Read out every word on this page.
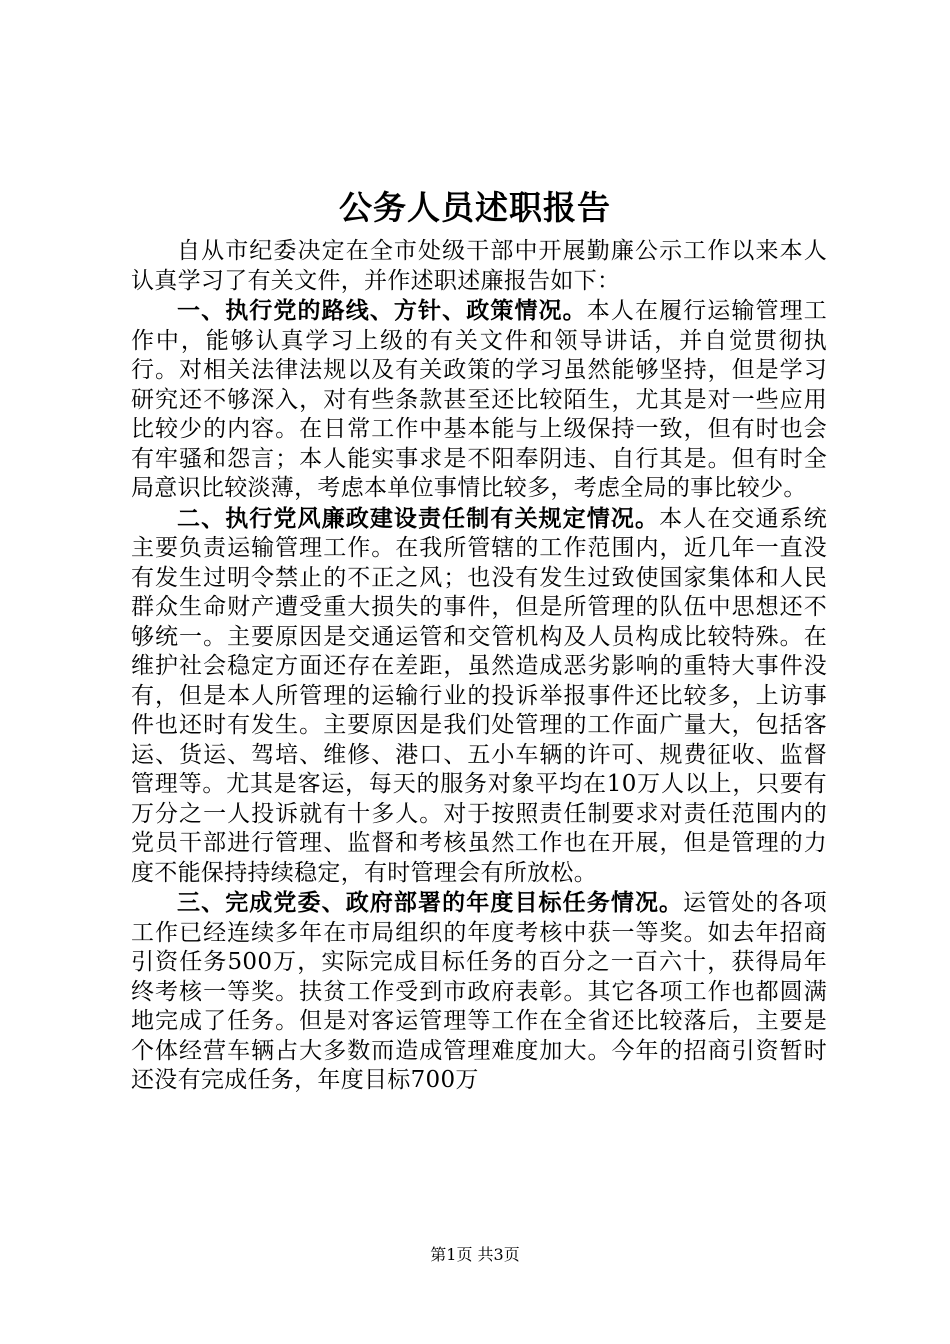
公务人员述职报告

自从市纪委决定在全市处级干部中开展勤廉公示工作以来本人认真学习了有关文件，并作述职述廉报告如下：

一、执行党的路线、方针、政策情况。本人在履行运输管理工作中，能够认真学习上级的有关文件和领导讲话，并自觉贯彻执行。对相关法律法规以及有关政策的学习虽然能够坚持，但是学习研究还不够深入，对有些条款甚至还比较陌生，尤其是对一些应用比较少的内容。在日常工作中基本能与上级保持一致，但有时也会有牢骚和怨言；本人能实事求是不阳奉阴违、自行其是。但有时全局意识比较淡薄，考虑本单位事情比较多，考虑全局的事比较少。

二、执行党风廉政建设责任制有关规定情况。本人在交通系统主要负责运输管理工作。在我所管辖的工作范围内，近几年一直没有发生过明令禁止的不正之风；也没有发生过致使国家集体和人民群众生命财产遭受重大损失的事件，但是所管理的队伍中思想还不够统一。主要原因是交通运管和交管机构及人员构成比较特殊。在维护社会稳定方面还存在差距，虽然造成恶劣影响的重特大事件没有，但是本人所管理的运输行业的投诉举报事件还比较多，上访事件也还时有发生。主要原因是我们处管理的工作面广量大，包括客运、货运、驾培、维修、港口、五小车辆的许可、规费征收、监督管理等。尤其是客运，每天的服务对象平均在10万人以上，只要有万分之一人投诉就有十多人。对于按照责任制要求对责任范围内的党员干部进行管理、监督和考核虽然工作也在开展，但是管理的力度不能保持持续稳定，有时管理会有所放松。

三、完成党委、政府部署的年度目标任务情况。运管处的各项工作已经连续多年在市局组织的年度考核中获一等奖。如去年招商引资任务500万，实际完成目标任务的百分之一百六十，获得局年终考核一等奖。扶贫工作受到市政府表彰。其它各项工作也都圆满地完成了任务。但是对客运管理等工作在全省还比较落后，主要是个体经营车辆占大多数而造成管理难度加大。今年的招商引资暂时还没有完成任务，年度目标700万

第1页 共3页
